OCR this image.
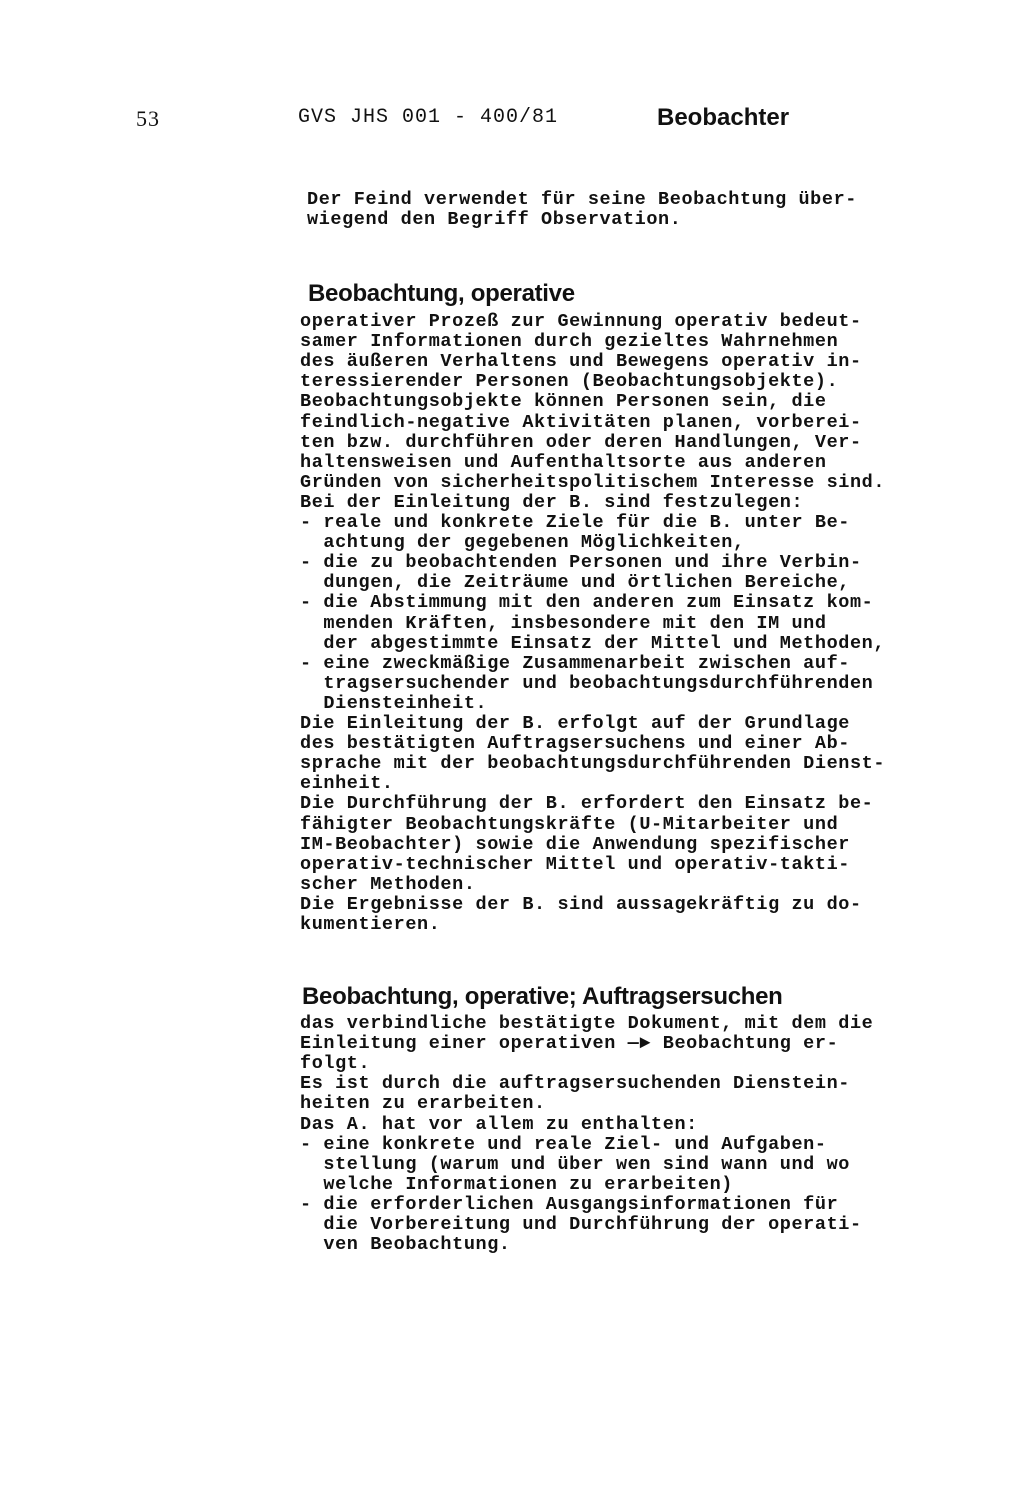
53	GVS JHS 001 - 400/81	Beobachter
Der Feind verwendet für seine Beobachtung über-
wiegend den Begriff Observation.
Beobachtung, operative
operativer Prozeß zur Gewinnung operativ bedeut-
samer Informationen durch gezieltes Wahrnehmen
des äußeren Verhaltens und Bewegens operativ in-
teressierender Personen (Beobachtungsobjekte).
Beobachtungsobjekte können Personen sein, die
feindlich-negative Aktivitäten planen, vorberei-
ten bzw. durchführen oder deren Handlungen, Ver-
haltensweisen und Aufenthaltsorte aus anderen
Gründen von sicherheitspolitischem Interesse sind.
Bei der Einleitung der B. sind festzulegen:
- reale und konkrete Ziele für die B. unter Be-
achtung der gegebenen Möglichkeiten,
- die zu beobachtenden Personen und ihre Verbin-
dungen, die Zeiträume und örtlichen Bereiche,
- die Abstimmung mit den anderen zum Einsatz kom-
menden Kräften, insbesondere mit den IM und
der abgestimmte Einsatz der Mittel und Methoden,
- eine zweckmäßige Zusammenarbeit zwischen auf-
tragsersuchender und beobachtungsdurchführenden
Diensteinheit.
Die Einleitung der B. erfolgt auf der Grundlage
des bestätigten Auftragsersuchens und einer Ab-
sprache mit der beobachtungsdurchführenden Dienst-
einheit.
Die Durchführung der B. erfordert den Einsatz be-
fähigter Beobachtungskräfte (U-Mitarbeiter und
IM-Beobachter) sowie die Anwendung spezifischer
operativ-technischer Mittel und operativ-takti-
scher Methoden.
Die Ergebnisse der B. sind aussagekräftig zu do-
kumentieren.
Beobachtung, operative; Auftragsersuchen
das verbindliche bestätigte Dokument, mit dem die
Einleitung einer operativen —► Beobachtung er-
folgt.
Es ist durch die auftragsersuchenden Dienstein-
heiten zu erarbeiten.
Das A. hat vor allem zu enthalten:
- eine konkrete und reale Ziel- und Aufgaben-
stellung (warum und über wen sind wann und wo
welche Informationen zu erarbeiten)
- die erforderlichen Ausgangsinformationen für
die Vorbereitung und Durchführung der operati-
ven Beobachtung.
